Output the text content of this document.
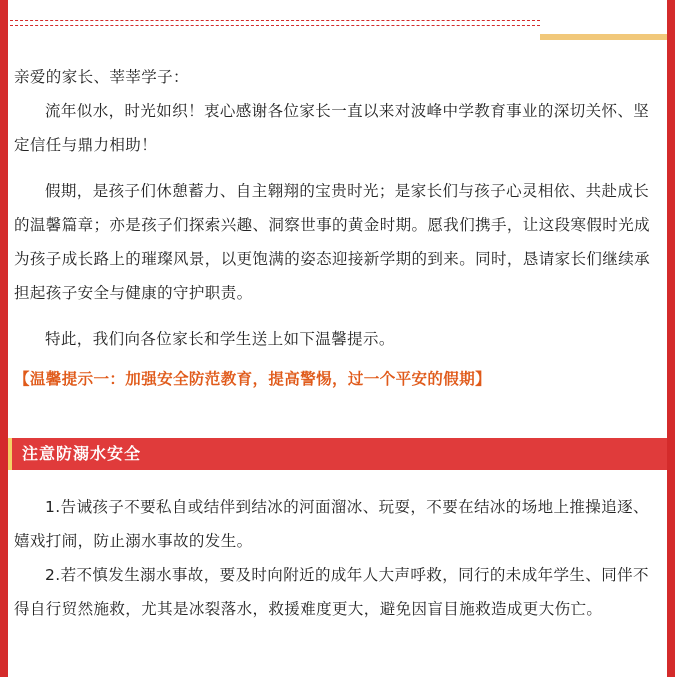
亲爱的家长、莘莘学子：

流年似水，时光如织！衷心感谢各位家长一直以来对波峰中学教育事业的深切关怀、坚定信任与鼎力相助！

假期，是孩子们休憩蓄力、自主翱翔的宝贵时光；是家长们与孩子心灵相依、共赴成长的温馨篇章；亦是孩子们探索兴趣、洞察世事的黄金时期。愿我们携手，让这段寒假时光成为孩子成长路上的璀璨风景，以更饱满的姿态迎接新学期的到来。同时，恳请家长们继续承担起孩子安全与健康的守护职责。

特此，我们向各位家长和学生送上如下温馨提示。

【温馨提示一：加强安全防范教育，提高警惕，过一个平安的假期】

注意防溺水安全

1.告诫孩子不要私自或结伴到结冰的河面溜冰、玩耍，不要在结冰的场地上推操追逐、嬉戏打闹，防止溺水事故的发生。

2.若不慎发生溺水事故，要及时向附近的成年人大声呼救，同行的未成年学生、同伴不得自行贸然施救，尤其是冰裂落水，救援难度更大，避免因盲目施救造成更大伤亡。
